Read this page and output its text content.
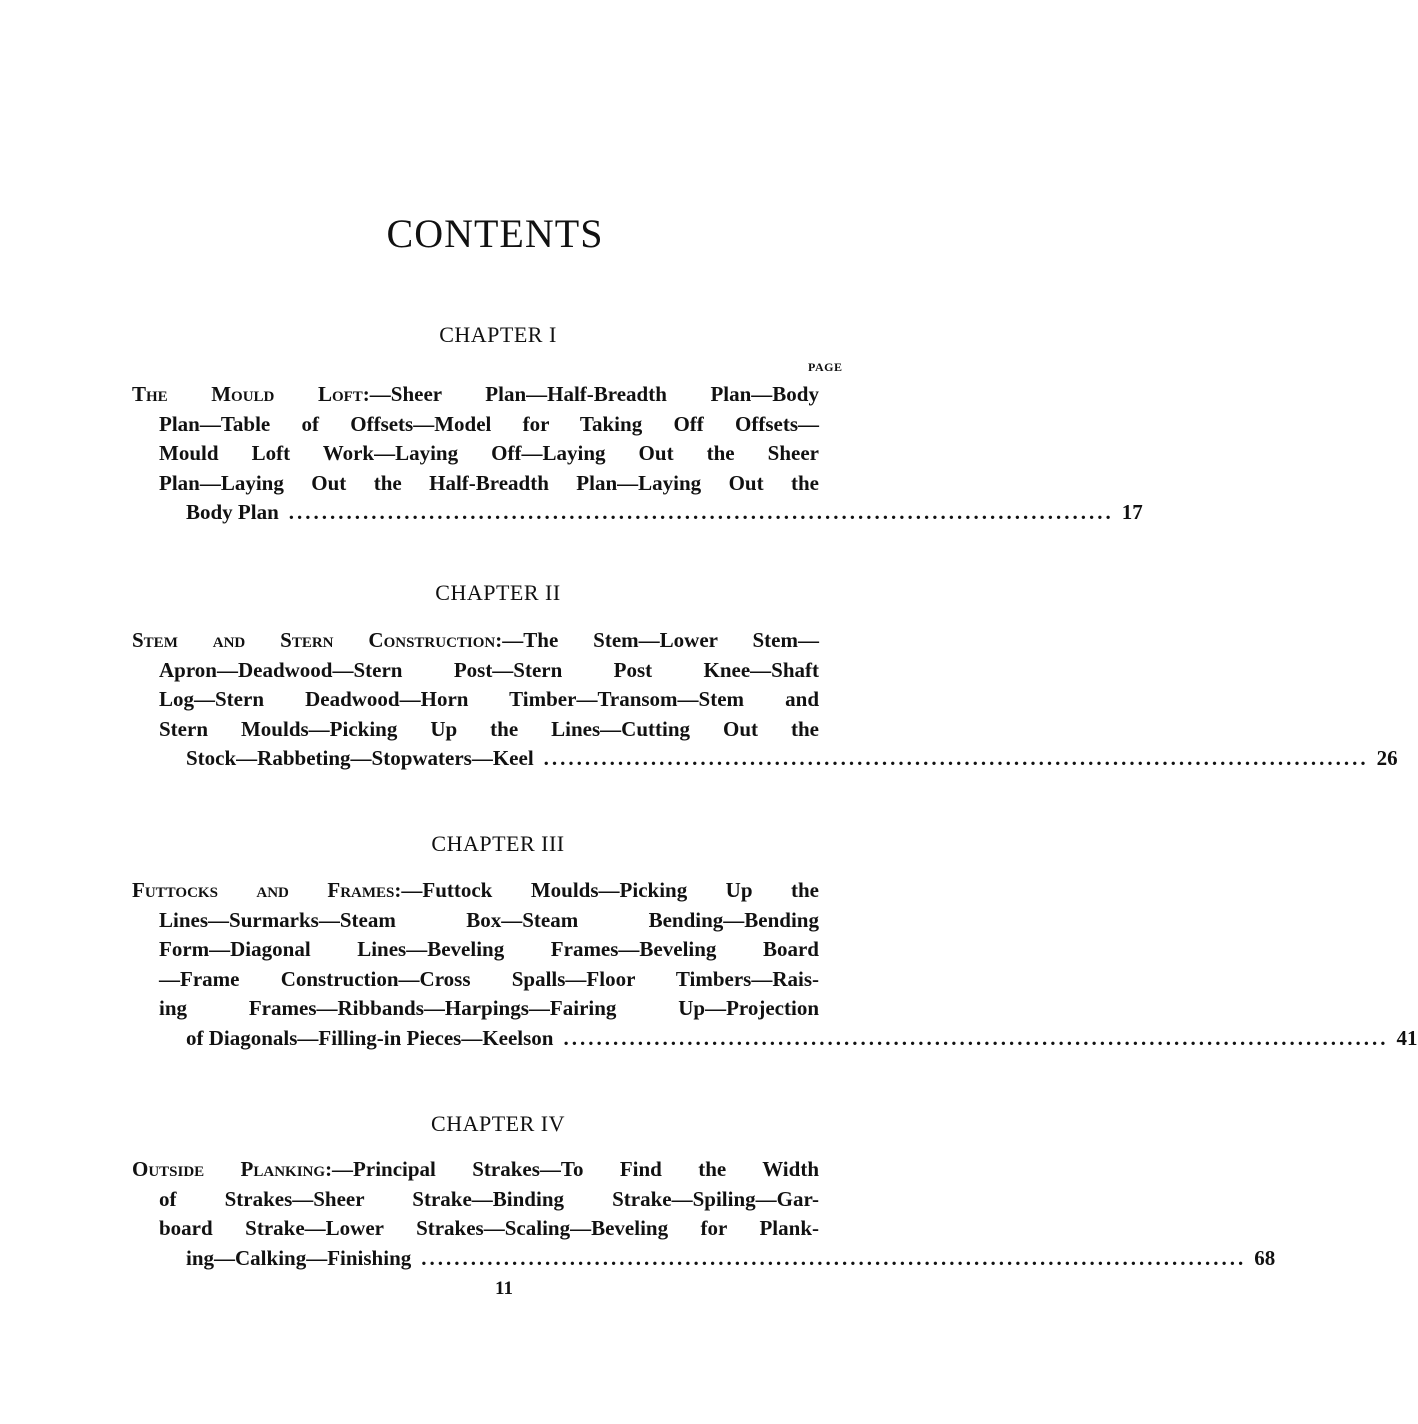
CONTENTS
CHAPTER I
PAGE
The Mould Loft:—Sheer Plan—Half-Breadth Plan—Body
Plan—Table of Offsets—Model for Taking Off Offsets—
Mould Loft Work—Laying Off—Laying Out the Sheer
Plan—Laying Out the Half-Breadth Plan—Laying Out the
Body Plan .................................................................................................... 17
CHAPTER II
Stem and Stern Construction:—The Stem—Lower Stem—
Apron—Deadwood—Stern Post—Stern Post Knee—Shaft
Log—Stern Deadwood—Horn Timber—Transom—Stem and
Stern Moulds—Picking Up the Lines—Cutting Out the
Stock—Rabbeting—Stopwaters—Keel .................................................................................................... 26
CHAPTER III
Futtocks and Frames:—Futtock Moulds—Picking Up the
Lines—Surmarks—Steam Box—Steam Bending—Bending
Form—Diagonal Lines—Beveling Frames—Beveling Board
—Frame Construction—Cross Spalls—Floor Timbers—Rais-
ing Frames—Ribbands—Harpings—Fairing Up—Projection
of Diagonals—Filling-in Pieces—Keelson .................................................................................................... 41
CHAPTER IV
Outside Planking:—Principal Strakes—To Find the Width
of Strakes—Sheer Strake—Binding Strake—Spiling—Gar-
board Strake—Lower Strakes—Scaling—Beveling for Plank-
ing—Calking—Finishing .................................................................................................... 68
11
